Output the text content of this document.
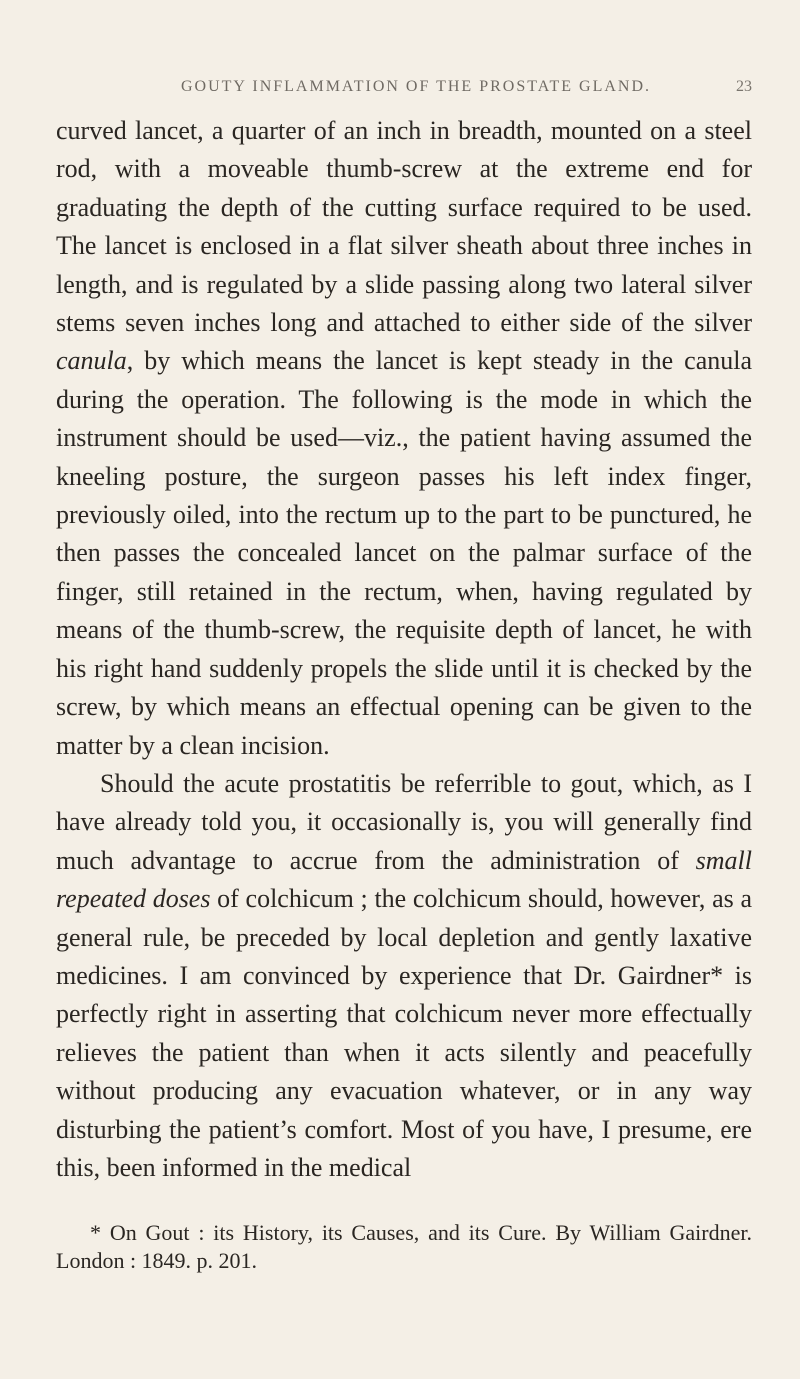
GOUTY INFLAMMATION OF THE PROSTATE GLAND.	23

curved lancet, a quarter of an inch in breadth, mounted on a steel rod, with a moveable thumb-screw at the extreme end for graduating the depth of the cutting surface required to be used. The lancet is enclosed in a flat silver sheath about three inches in length, and is regulated by a slide passing along two lateral silver stems seven inches long and attached to either side of the silver canula, by which means the lancet is kept steady in the canula during the operation. The following is the mode in which the instrument should be used—viz., the patient having assumed the kneeling posture, the surgeon passes his left index finger, previously oiled, into the rectum up to the part to be punctured, he then passes the concealed lancet on the palmar surface of the finger, still retained in the rectum, when, having regulated by means of the thumb-screw, the requisite depth of lancet, he with his right hand suddenly propels the slide until it is checked by the screw, by which means an effectual opening can be given to the matter by a clean incision.

Should the acute prostatitis be referrible to gout, which, as I have already told you, it occasionally is, you will generally find much advantage to accrue from the administration of small repeated doses of colchicum ; the colchicum should, however, as a general rule, be preceded by local depletion and gently laxative medicines. I am convinced by experience that Dr. Gairdner* is perfectly right in asserting that colchicum never more effectually relieves the patient than when it acts silently and peacefully without producing any evacuation whatever, or in any way disturbing the patient’s comfort. Most of you have, I presume, ere this, been informed in the medical

* On Gout : its History, its Causes, and its Cure. By William Gairdner. London : 1849. p. 201.
